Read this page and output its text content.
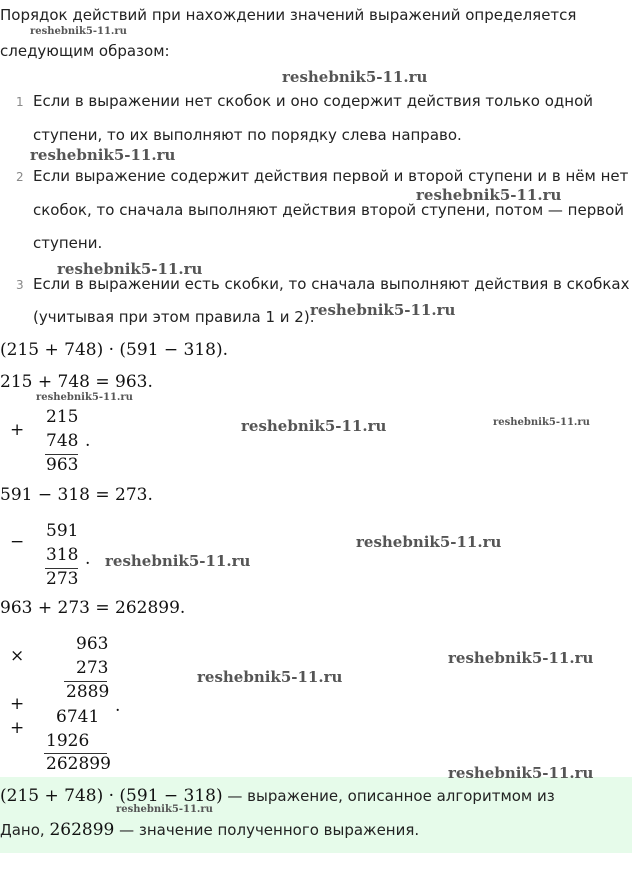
Порядок действий при нахождении значений выражений определяется
следующим образом:
1 Если в выражении нет скобок и оно содержит действия только одной
ступени, то их выполняют по порядку слева направо.
2 Если выражение содержит действия первой и второй ступени и в нём нет
скобок, то сначала выполняют действия второй ступени, потом — первой
ступени.
3 Если в выражении есть скобки, то сначала выполняют действия в скобках
(учитывая при этом правила 1 и 2).
(215 + 748) · (591 − 318).
215 + 748 = 963.
+
215
748
963
.
591 − 318 = 273.
−
591
318
273
.
963 + 273 = 262899.
×
963
273
2889
+
6741
+
1926
262899
.
(215 + 748) · (591 − 318) — выражение, описанное алгоритмом из
Дано, 262899 — значение полученного выражения.
reshebnik5-11.ru
reshebnik5-11.ru
reshebnik5-11.ru
reshebnik5-11.ru
reshebnik5-11.ru
reshebnik5-11.ru
reshebnik5-11.ru
reshebnik5-11.ru	reshebnik5-11.ru
reshebnik5-11.ru
reshebnik5-11.ru
reshebnik5-11.ru
reshebnik5-11.ru
reshebnik5-11.ru
reshebnik5-11.ru
